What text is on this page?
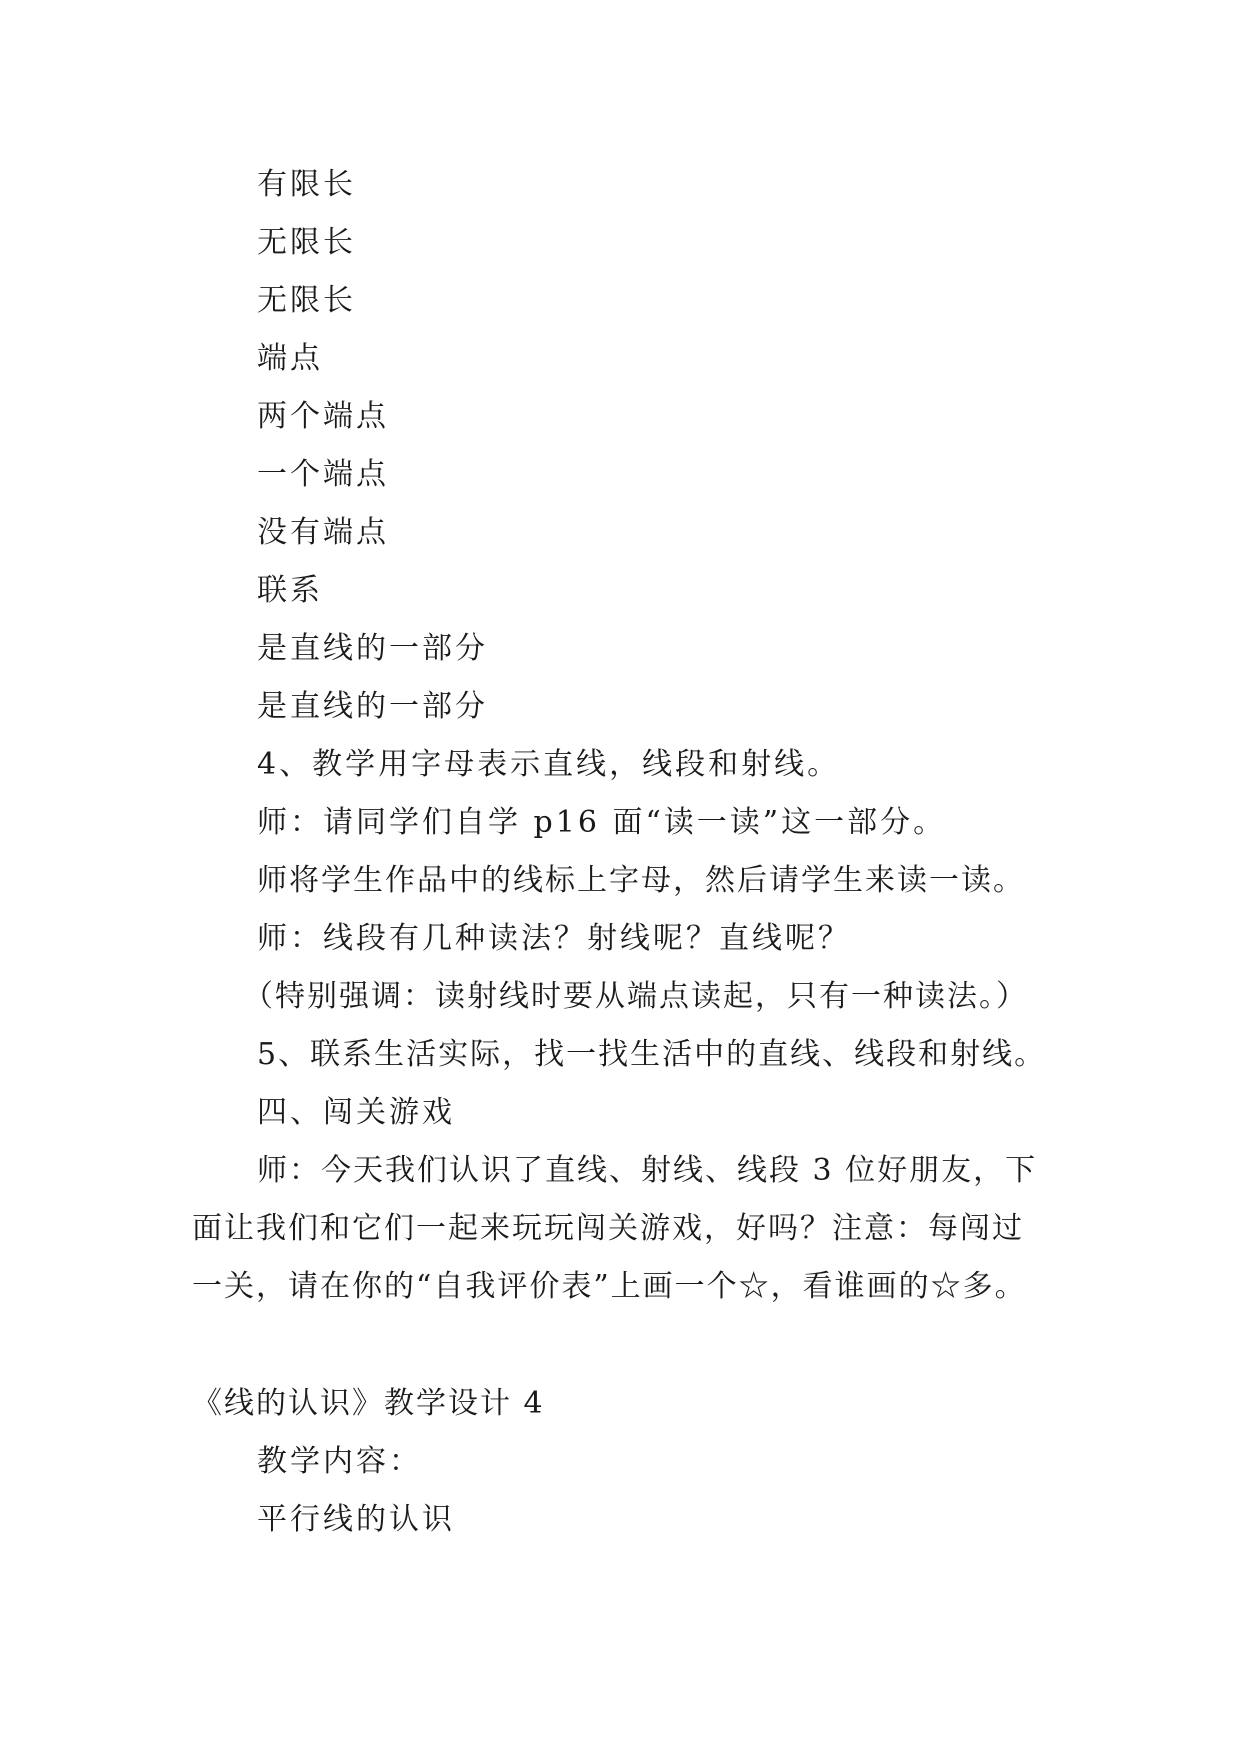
有限长
无限长
无限长
端点
两个端点
一个端点
没有端点
联系
是直线的一部分
是直线的一部分
4、教学用字母表示直线，线段和射线。
师：请同学们自学 p16 面“读一读”这一部分。
师将学生作品中的线标上字母，然后请学生来读一读。
师：线段有几种读法？射线呢？直线呢？
（特别强调：读射线时要从端点读起，只有一种读法。）
5、联系生活实际，找一找生活中的直线、线段和射线。
四、闯关游戏
师：今天我们认识了直线、射线、线段 3 位好朋友，下
面让我们和它们一起来玩玩闯关游戏，好吗？注意：每闯过
一关，请在你的“自我评价表”上画一个☆，看谁画的☆多。
《线的认识》教学设计 4
教学内容：
平行线的认识
